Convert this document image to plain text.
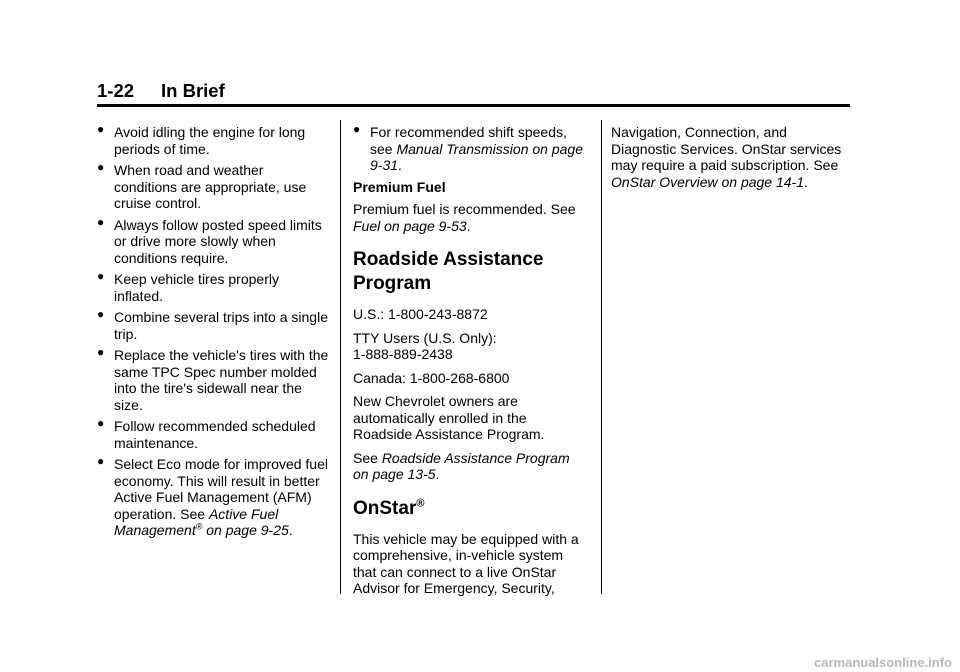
1-22 In Brief
● Avoid idling the engine for long periods of time.
● When road and weather conditions are appropriate, use cruise control.
● Always follow posted speed limits or drive more slowly when conditions require.
● Keep vehicle tires properly inflated.
● Combine several trips into a single trip.
● Replace the vehicle's tires with the same TPC Spec number molded into the tire's sidewall near the size.
● Follow recommended scheduled maintenance.
● Select Eco mode for improved fuel economy. This will result in better Active Fuel Management (AFM) operation. See Active Fuel Management® on page 9-25.
● For recommended shift speeds, see Manual Transmission on page 9-31.

Premium Fuel

Premium fuel is recommended. See Fuel on page 9-53.

Roadside Assistance Program

U.S.: 1-800-243-8872

TTY Users (U.S. Only):
1-888-889-2438

Canada: 1-800-268-6800

New Chevrolet owners are automatically enrolled in the Roadside Assistance Program.

See Roadside Assistance Program on page 13-5.

OnStar®

This vehicle may be equipped with a comprehensive, in-vehicle system that can connect to a live OnStar Advisor for Emergency, Security,

Navigation, Connection, and Diagnostic Services. OnStar services may require a paid subscription. See OnStar Overview on page 14-1.

carmanualsonline.info
